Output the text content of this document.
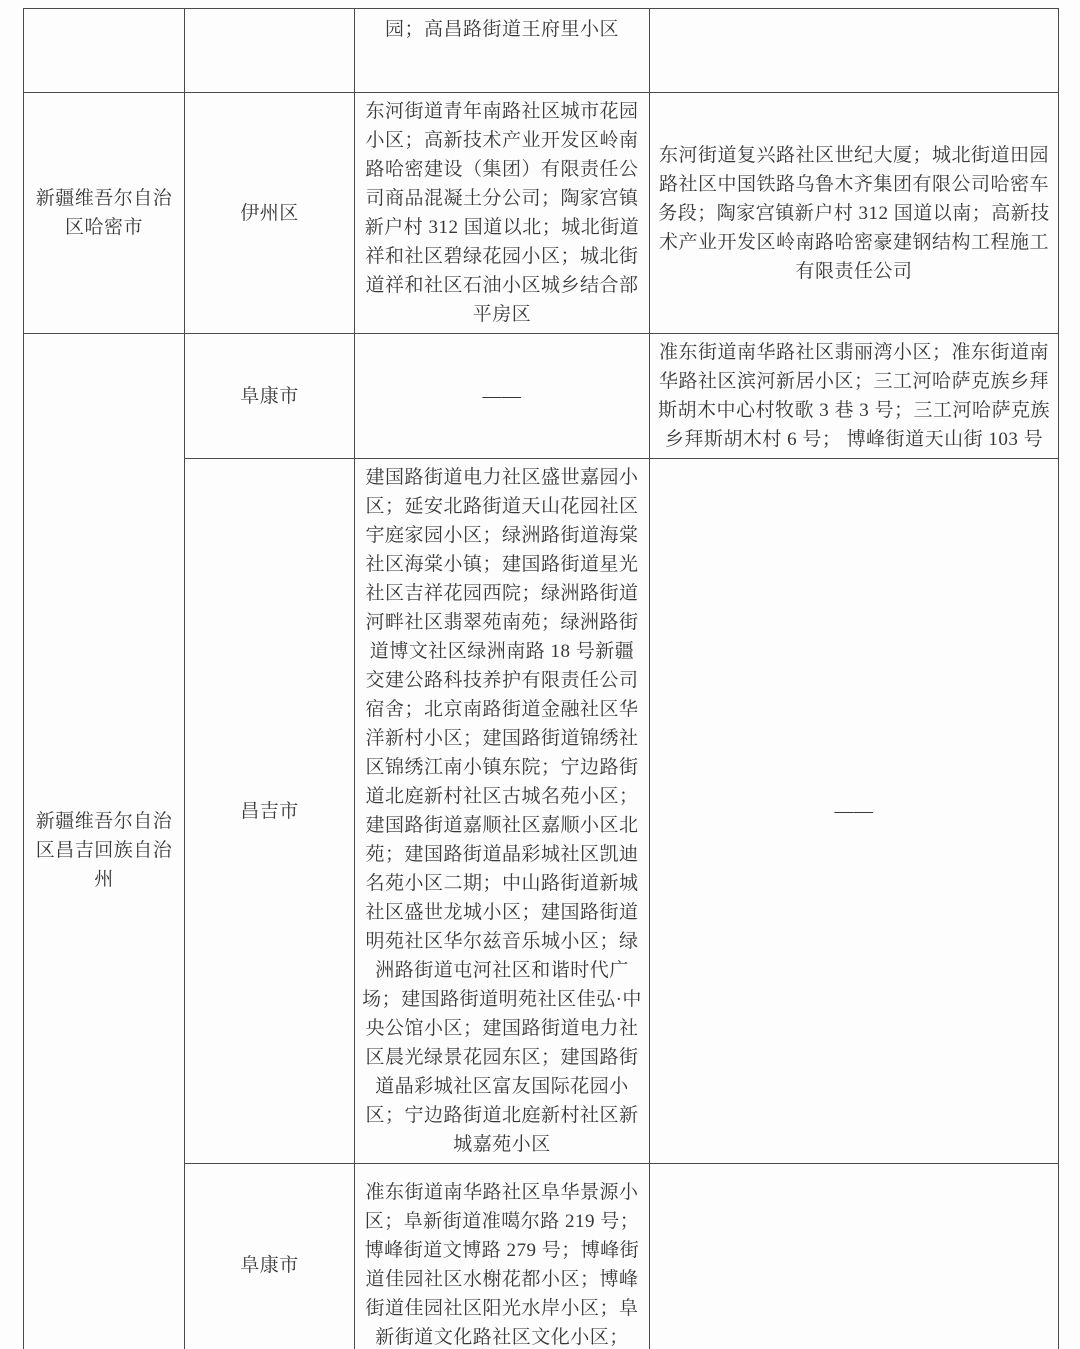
		园；高昌路街道王府里小区	
新疆维吾尔自治区哈密市	伊州区	东河街道青年南路社区城市花园小区；高新技术产业开发区岭南路哈密建设（集团）有限责任公司商品混凝土分公司；陶家宫镇新户村 312 国道以北；城北街道祥和社区碧绿花园小区；城北街道祥和社区石油小区城乡结合部平房区	东河街道复兴路社区世纪大厦；城北街道田园路社区中国铁路乌鲁木齐集团有限公司哈密车务段；陶家宫镇新户村 312 国道以南；高新技术产业开发区岭南路哈密豪建钢结构工程施工有限责任公司
新疆维吾尔自治区昌吉回族自治州	阜康市	——	准东街道南华路社区翡丽湾小区；准东街道南华路社区滨河新居小区；三工河哈萨克族乡拜斯胡木中心村牧歌 3 巷 3 号；三工河哈萨克族乡拜斯胡木村 6 号； 博峰街道天山街 103 号
	昌吉市	建国路街道电力社区盛世嘉园小区；延安北路街道天山花园社区宇庭家园小区；绿洲路街道海棠社区海棠小镇；建国路街道星光社区吉祥花园西院；绿洲路街道河畔社区翡翠苑南苑；绿洲路街道博文社区绿洲南路 18 号新疆交建公路科技养护有限责任公司宿舍；北京南路街道金融社区华洋新村小区；建国路街道锦绣社区锦绣江南小镇东院；宁边路街道北庭新村社区古城名苑小区；建国路街道嘉顺社区嘉顺小区北苑；建国路街道晶彩城社区凯迪名苑小区二期；中山路街道新城社区盛世龙城小区；建国路街道明苑社区华尔兹音乐城小区；绿洲路街道屯河社区和谐时代广场；建国路街道明苑社区佳弘·中央公馆小区；建国路街道电力社区晨光绿景花园东区；建国路街道晶彩城社区富友国际花园小区；宁边路街道北庭新村社区新城嘉苑小区	——
	阜康市	准东街道南华路社区阜华景源小区；阜新街道准噶尔路 219 号；博峰街道文博路 279 号；博峰街道佳园社区水榭花都小区；博峰街道佳园社区阳光水岸小区；阜新街道文化路社区文化小区；	
